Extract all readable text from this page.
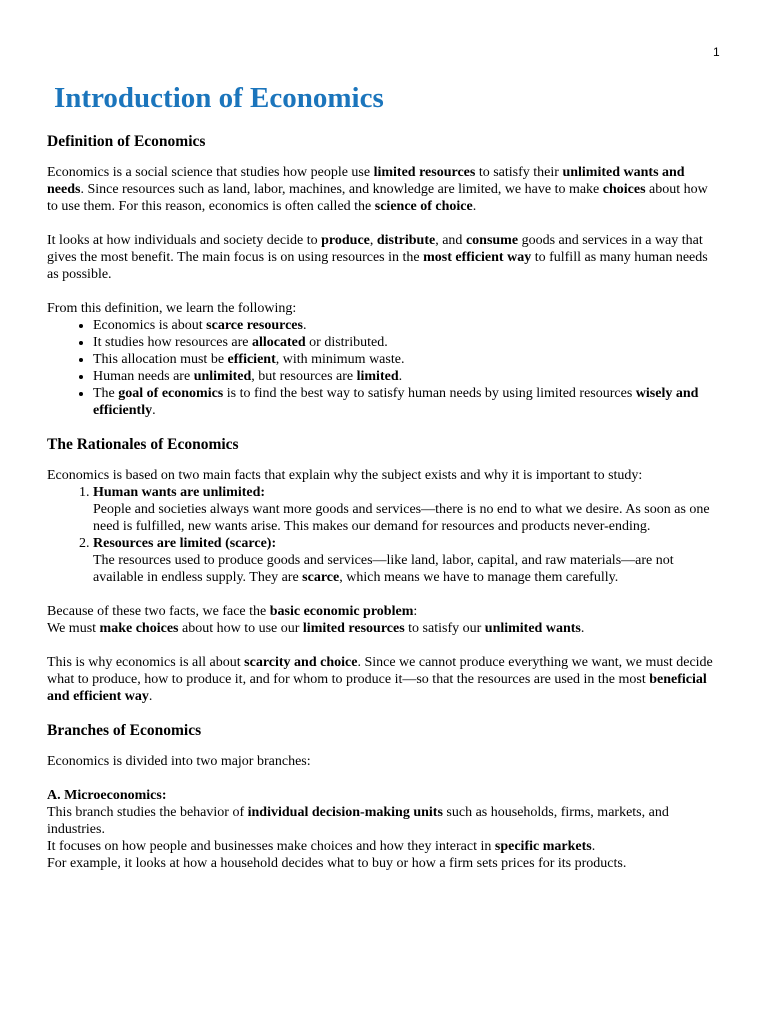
1
Introduction of Economics
Definition of Economics

Economics is a social science that studies how people use limited resources to satisfy their unlimited wants and needs. Since resources such as land, labor, machines, and knowledge are limited, we have to make choices about how to use them. For this reason, economics is often called the science of choice.

It looks at how individuals and society decide to produce, distribute, and consume goods and services in a way that gives the most benefit. The main focus is on using resources in the most efficient way to fulfill as many human needs as possible.

From this definition, we learn the following:

• Economics is about scarce resources.
• It studies how resources are allocated or distributed.
• This allocation must be efficient, with minimum waste.
• Human needs are unlimited, but resources are limited.
• The goal of economics is to find the best way to satisfy human needs by using limited resources wisely and efficiently.
The Rationales of Economics

Economics is based on two main facts that explain why the subject exists and why it is important to study:

1. Human wants are unlimited:
People and societies always want more goods and services—there is no end to what we desire. As soon as one need is fulfilled, new wants arise. This makes our demand for resources and products never-ending.
2. Resources are limited (scarce):
The resources used to produce goods and services—like land, labor, capital, and raw materials—are not available in endless supply. They are scarce, which means we have to manage them carefully.

Because of these two facts, we face the basic economic problem:

We must make choices about how to use our limited resources to satisfy our unlimited wants.

This is why economics is all about scarcity and choice. Since we cannot produce everything we want, we must decide what to produce, how to produce it, and for whom to produce it—so that the resources are used in the most beneficial and efficient way.

Branches of Economics

Economics is divided into two major branches:

A. Microeconomics:

This branch studies the behavior of individual decision-making units such as households, firms, markets, and industries.

It focuses on how people and businesses make choices and how they interact in specific markets.

For example, it looks at how a household decides what to buy or how a firm sets prices for its products.
